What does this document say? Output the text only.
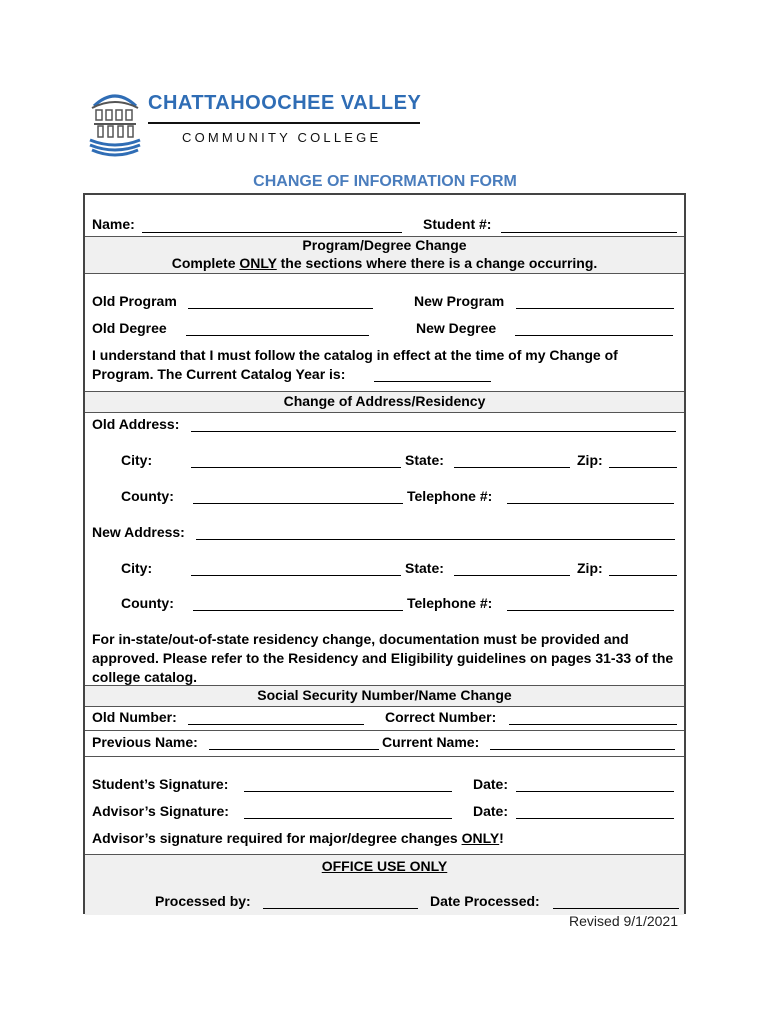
CHATTAHOOCHEE VALLEY
COMMUNITY COLLEGE
CHANGE OF INFORMATION FORM
Name:	Student #:
Program/Degree Change
Complete ONLY the sections where there is a change occurring.
Old Program	New Program
Old Degree	New Degree
I understand that I must follow the catalog in effect at the time of my Change of
Program. The Current Catalog Year is:
Change of Address/Residency
Old Address:
City:	State:	Zip:
County:	Telephone #:
New Address:
City:	State:	Zip:
County:	Telephone #:
For in-state/out-of-state residency change, documentation must be provided and approved. Please refer to the Residency and Eligibility guidelines on pages 31-33 of the college catalog.
Social Security Number/Name Change
Old Number:	Correct Number:
Previous Name:	Current Name:
Student’s Signature:	Date:
Advisor’s Signature:	Date:
Advisor’s signature required for major/degree changes ONLY!
OFFICE USE ONLY
Processed by:	Date Processed:
Revised 9/1/2021
